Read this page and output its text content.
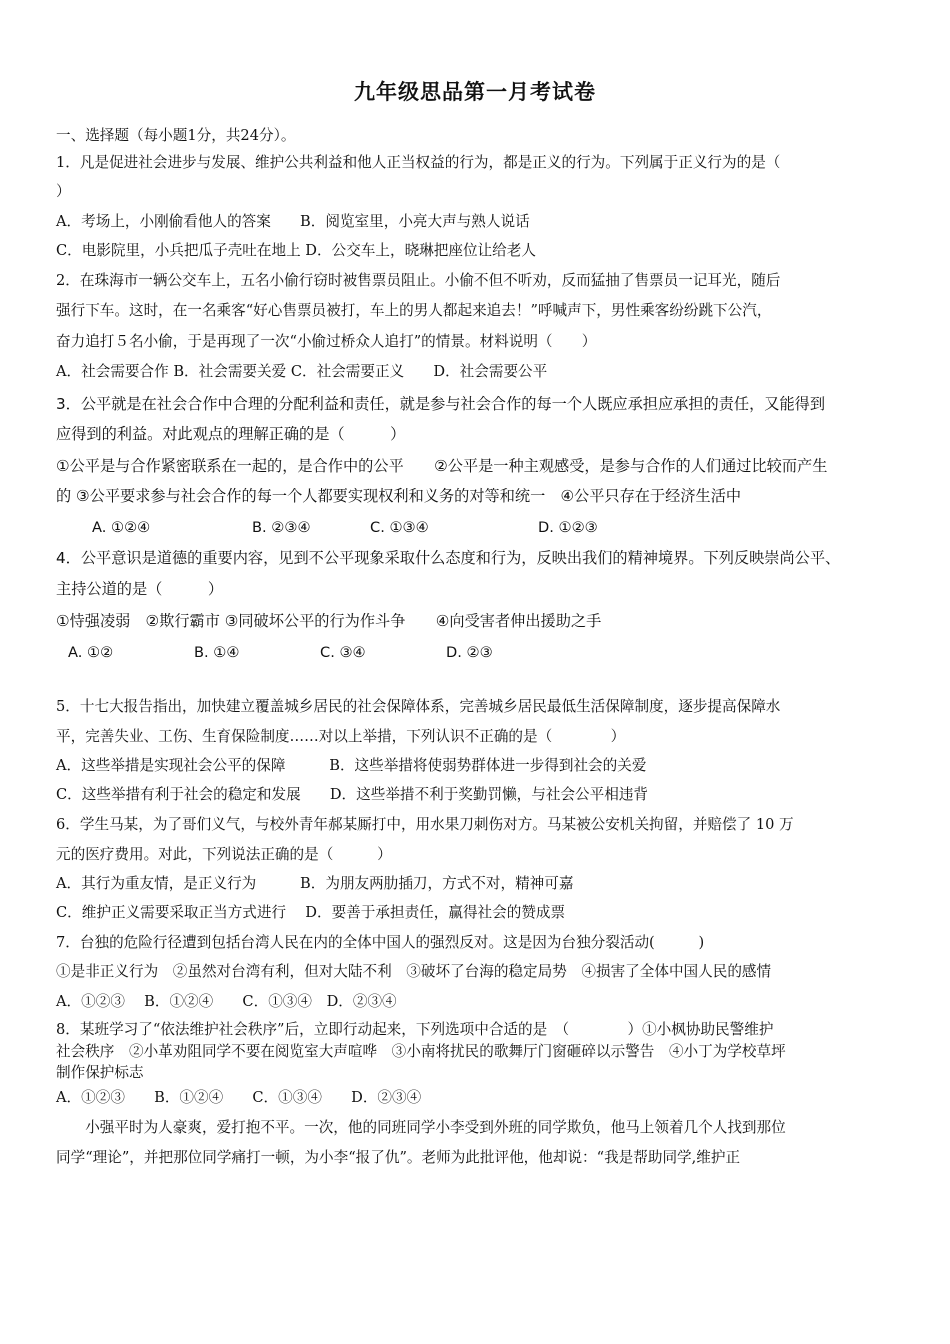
九年级思品第一月考试卷
一、选择题（每小题1分，共24分）。
1．凡是促进社会进步与发展、维护公共利益和他人正当权益的行为，都是正义的行为。下列属于正义行为的是（
）
A．考场上，小刚偷看他人的答案　　B．阅览室里，小亮大声与熟人说话
C．电影院里，小兵把瓜子壳吐在地上 D．公交车上，晓琳把座位让给老人
2．在珠海市一辆公交车上，五名小偷行窃时被售票员阻止。小偷不但不听劝，反而猛抽了售票员一记耳光，随后
强行下车。这时，在一名乘客“好心售票员被打，车上的男人都起来追去！”呼喊声下，男性乘客纷纷跳下公汽，
奋力追打５名小偷，于是再现了一次“小偷过桥众人追打”的情景。材料说明（　　）
A．社会需要合作 B．社会需要关爱 C．社会需要正义　　D．社会需要公平
3．公平就是在社会合作中合理的分配利益和责任，就是参与社会合作的每一个人既应承担应承担的责任，又能得到
应得到的利益。对此观点的理解正确的是（　　　）
①公平是与合作紧密联系在一起的，是合作中的公平　　②公平是一种主观感受，是参与合作的人们通过比较而产生
的 ③公平要求参与社会合作的每一个人都要实现权利和义务的对等和统一　④公平只存在于经济生活中
A. ①②④	B. ②③④	C. ①③④	D. ①②③
4．公平意识是道德的重要内容，见到不公平现象采取什么态度和行为，反映出我们的精神境界。下列反映崇尚公平、
主持公道的是（　　　）
①恃强凌弱　②欺行霸市 ③同破坏公平的行为作斗争　　④向受害者伸出援助之手
A. ①②	B. ①④	C. ③④	D. ②③
5．十七大报告指出，加快建立覆盖城乡居民的社会保障体系，完善城乡居民最低生活保障制度，逐步提高保障水
平，完善失业、工伤、生育保险制度……对以上举措，下列认识不正确的是（　　　　）
A．这些举措是实现社会公平的保障　　　B．这些举措将使弱势群体进一步得到社会的关爱
C．这些举措有利于社会的稳定和发展　　D．这些举措不利于奖勤罚懒，与社会公平相违背
6．学生马某，为了哥们义气，与校外青年郝某厮打中，用水果刀刺伤对方。马某被公安机关拘留，并赔偿了 10 万
元的医疗费用。对此，下列说法正确的是（　　　）
A．其行为重友情，是正义行为　　　B．为朋友两肋插刀，方式不对，精神可嘉
C．维护正义需要采取正当方式进行　 D．要善于承担责任，赢得社会的赞成票
7．台独的危险行径遭到包括台湾人民在内的全体中国人的强烈反对。这是因为台独分裂活动(　　　)
①是非正义行为　②虽然对台湾有利，但对大陆不利　③破坏了台海的稳定局势　④损害了全体中国人民的感情
A．①②③　 B．①②④　　C．①③④　D．②③④
8．某班学习了“依法维护社会秩序”后，立即行动起来，下列选项中合适的是　（　　　　）①小枫协助民警维护
社会秩序　②小革劝阻同学不要在阅览室大声喧哗　③小南将扰民的歌舞厅门窗砸碎以示警告　④小丁为学校草坪
制作保护标志
A．①②③　　B．①②④　　C．①③④　　D．②③④
　　小强平时为人豪爽，爱打抱不平。一次，他的同班同学小李受到外班的同学欺负，他马上领着几个人找到那位
同学“理论”，并把那位同学痛打一顿，为小李“报了仇”。老师为此批评他，他却说：“我是帮助同学,维护正
